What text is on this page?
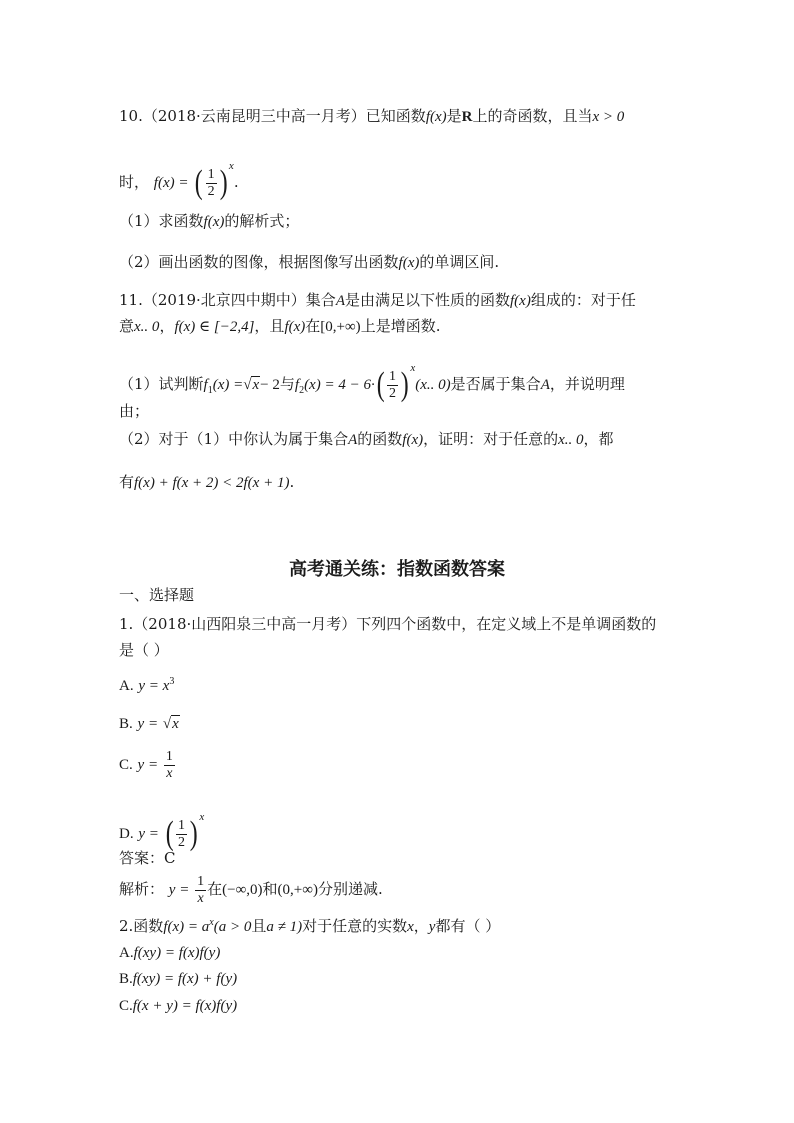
10.（2018·云南昆明三中高一月考）已知函数f(x)是R上的奇函数，且当x > 0
时， f(x) = ( $\frac{1}{2}$ ) $^x$.
（1）求函数f(x)的解析式；
（2）画出函数的图像，根据图像写出函数f(x)的单调区间.
11.（2019·北京四中期中）集合A是由满足以下性质的函数f(x)组成的：对于任
意x.. 0，f(x) ∈ [−2,4]，且f(x)在[0,+∞)上是增函数.
（1）试判断$f_1(x) =√x- 2$与$f_2(x) = 4 - 6\cdot( \frac{1}{2}$ ) $^x$(x.. 0)是否属于集合A，并说明理
由；
（2）对于（1）中你认为属于集合A的函数f(x)，证明：对于任意的x.. 0，都
有f(x) + f(x + 2) < 2f(x + 1).
高考通关练：指数函数答案
一、选择题
1.（2018·山西阳泉三中高一月考）下列四个函数中，在定义域上不是单调函数的
是（ ）
A. $y = x^3$
B. y = √x
C. $y = \frac{1}{x}$
D. y = ( $\frac{1}{2}$ ) $^x$
答案：C
解析： $y = \frac{1}{x}$ 在(−∞,0)和(0,+∞)分别递减.
2.函数$f(x) = a^x(a > 0$且a ≠ 1)对于任意的实数x，y都有（ ）
A.f(xy) = f(x)f(y)
B.f(xy) = f(x) + f(y)
C.f(x + y) = f(x)f(y)
